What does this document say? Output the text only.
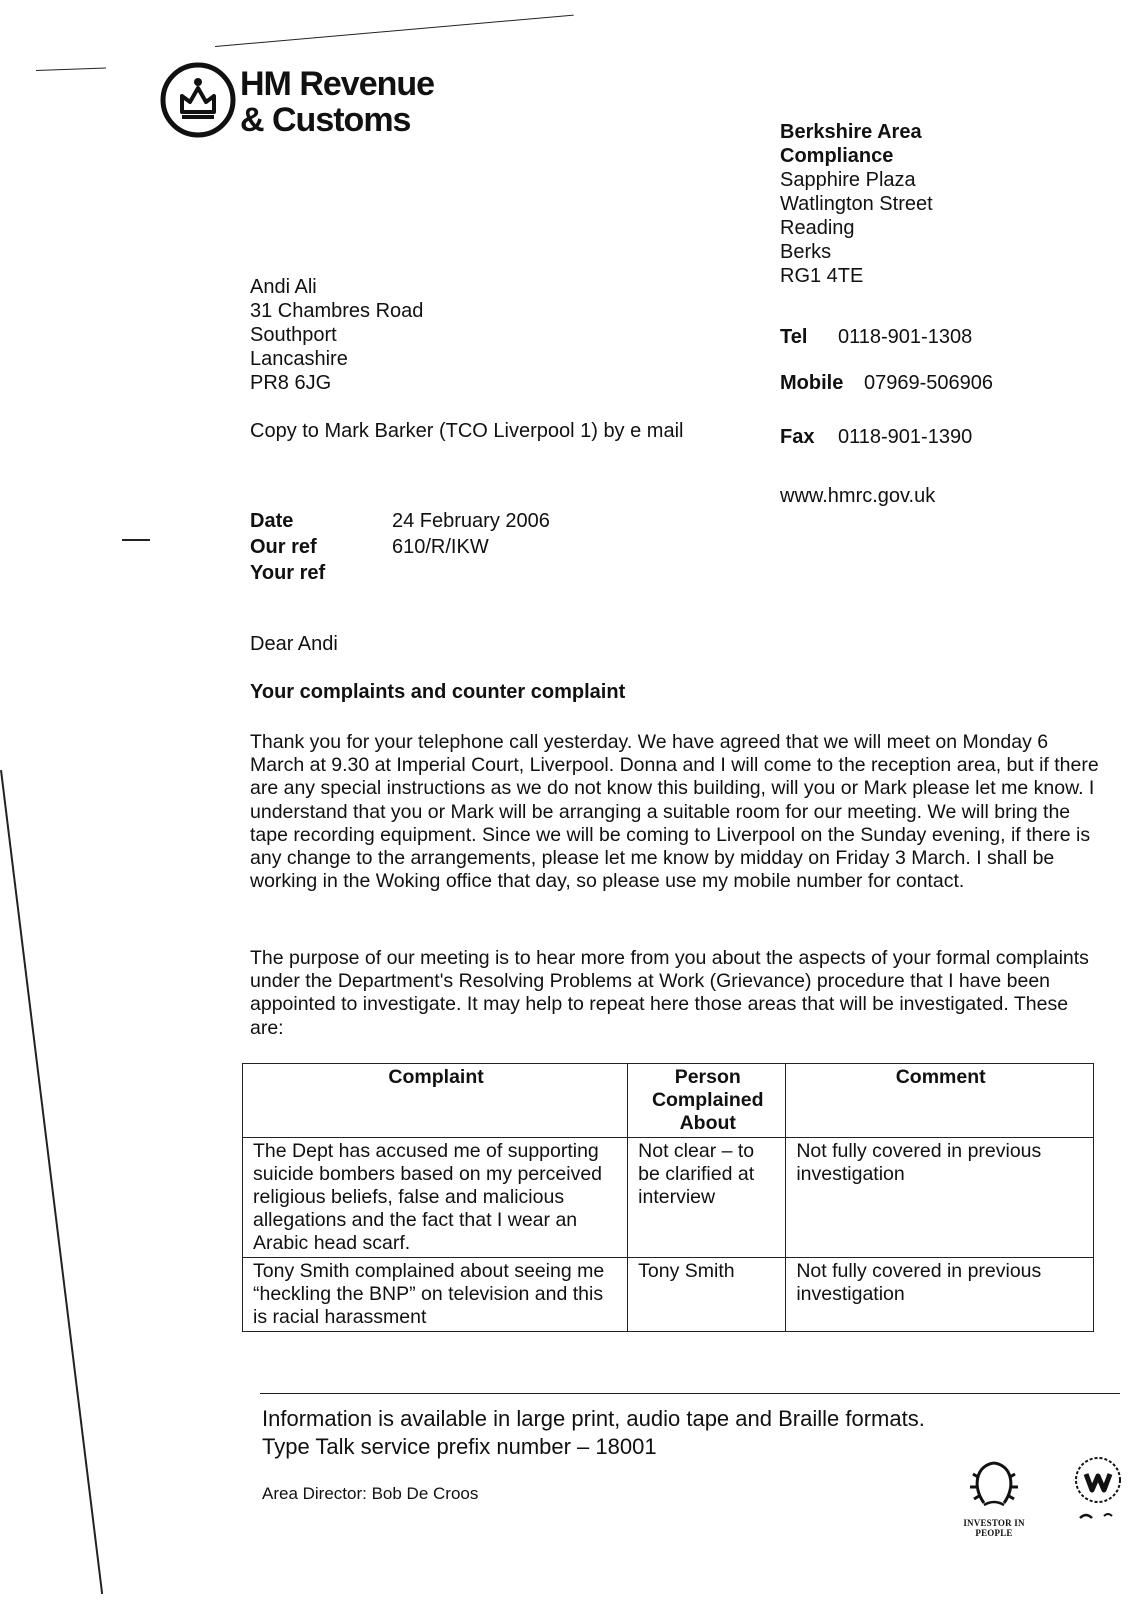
HM Revenue
& Customs	Berkshire Area
Compliance
Sapphire Plaza
Watlington Street
Reading
Berks
RG1 4TE
Tel 0118-901-1308
Mobile 07969-506906
Fax 0118-901-1390
www.hmrc.gov.uk
Andi Ali
31 Chambres Road
Southport
Lancashire
PR8 6JG
Copy to Mark Barker (TCO Liverpool 1) by e mail
Date	24 February 2006
Our ref	610/R/IKW
Your ref
Dear Andi
Your complaints and counter complaint
Thank you for your telephone call yesterday. We have agreed that we will meet on Monday 6 March at 9.30 at Imperial Court, Liverpool. Donna and I will come to the reception area, but if there are any special instructions as we do not know this building, will you or Mark please let me know. I understand that you or Mark will be arranging a suitable room for our meeting. We will bring the tape recording equipment. Since we will be coming to Liverpool on the Sunday evening, if there is any change to the arrangements, please let me know by midday on Friday 3 March. I shall be working in the Woking office that day, so please use my mobile number for contact.
The purpose of our meeting is to hear more from you about the aspects of your formal complaints under the Department's Resolving Problems at Work (Grievance) procedure that I have been appointed to investigate. It may help to repeat here those areas that will be investigated. These are:
Complaint	Person Complained About	Comment
The Dept has accused me of supporting suicide bombers based on my perceived religious beliefs, false and malicious allegations and the fact that I wear an Arabic head scarf.	Not clear – to be clarified at interview	Not fully covered in previous investigation
Tony Smith complained about seeing me “heckling the BNP” on television and this is racial harassment	Tony Smith	Not fully covered in previous investigation
Information is available in large print, audio tape and Braille formats.
Type Talk service prefix number – 18001
Area Director: Bob De Croos
INVESTOR IN PEOPLE
